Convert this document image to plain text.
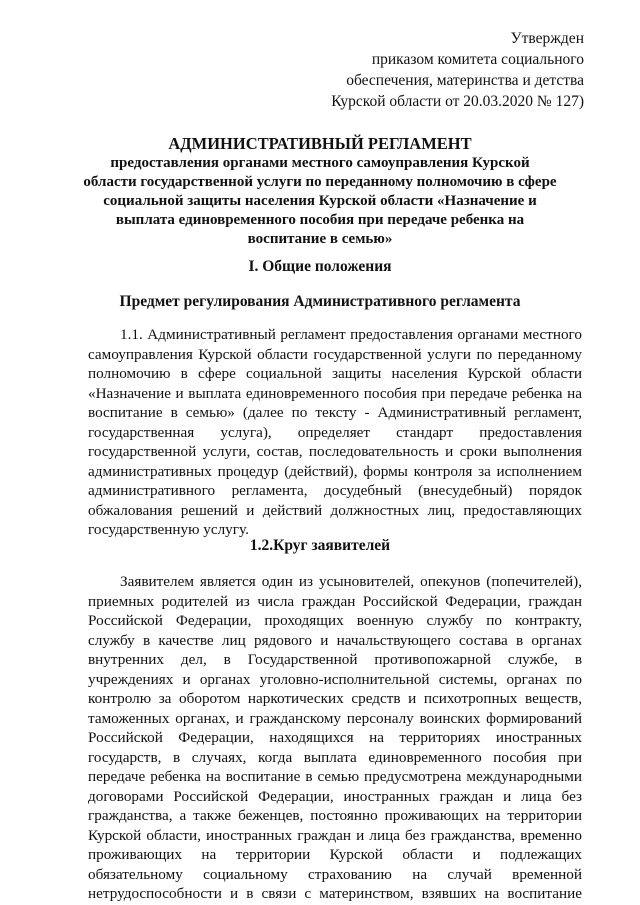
Утвержден
приказом комитета социального
обеспечения, материнства и детства
Курской области от 20.03.2020 № 127)
АДМИНИСТРАТИВНЫЙ РЕГЛАМЕНТ
предоставления органами местного самоуправления Курской
области государственной услуги по переданному полномочию в сфере
социальной защиты населения Курской области «Назначение и
выплата единовременного пособия при передаче ребенка на
воспитание в семью»
I. Общие положения
Предмет регулирования Административного регламента
1.1. Административный регламент предоставления органами местного
самоуправления Курской области государственной услуги по переданному
полномочию в сфере социальной защиты населения Курской области
«Назначение и выплата единовременного пособия при передаче ребенка на
воспитание в семью» (далее по тексту - Административный регламент,
государственная услуга), определяет стандарт предоставления
государственной услуги, состав, последовательность и сроки выполнения
административных процедур (действий), формы контроля за исполнением
административного регламента, досудебный (внесудебный) порядок
обжалования решений и действий должностных лиц, предоставляющих
государственную услугу.
1.2.Круг заявителей
Заявителем является один из усыновителей, опекунов (попечителей),
приемных родителей из числа граждан Российской Федерации, граждан
Российской Федерации, проходящих военную службу по контракту,
службу в качестве лиц рядового и начальствующего состава в органах
внутренних дел, в Государственной противопожарной службе, в
учреждениях и органах уголовно-исполнительной системы, органах по
контролю за оборотом наркотических средств и психотропных веществ,
таможенных органах, и гражданскому персоналу воинских формирований
Российской Федерации, находящихся на территориях иностранных
государств, в случаях, когда выплата единовременного пособия при
передаче ребенка на воспитание в семью предусмотрена международными
договорами Российской Федерации, иностранных граждан и лица без
гражданства, а также беженцев, постоянно проживающих на территории
Курской области, иностранных граждан и лица без гражданства, временно
проживающих на территории Курской области и подлежащих
обязательному социальному страхованию на случай временной
нетрудоспособности и в связи с материнством, взявших на воспитание
